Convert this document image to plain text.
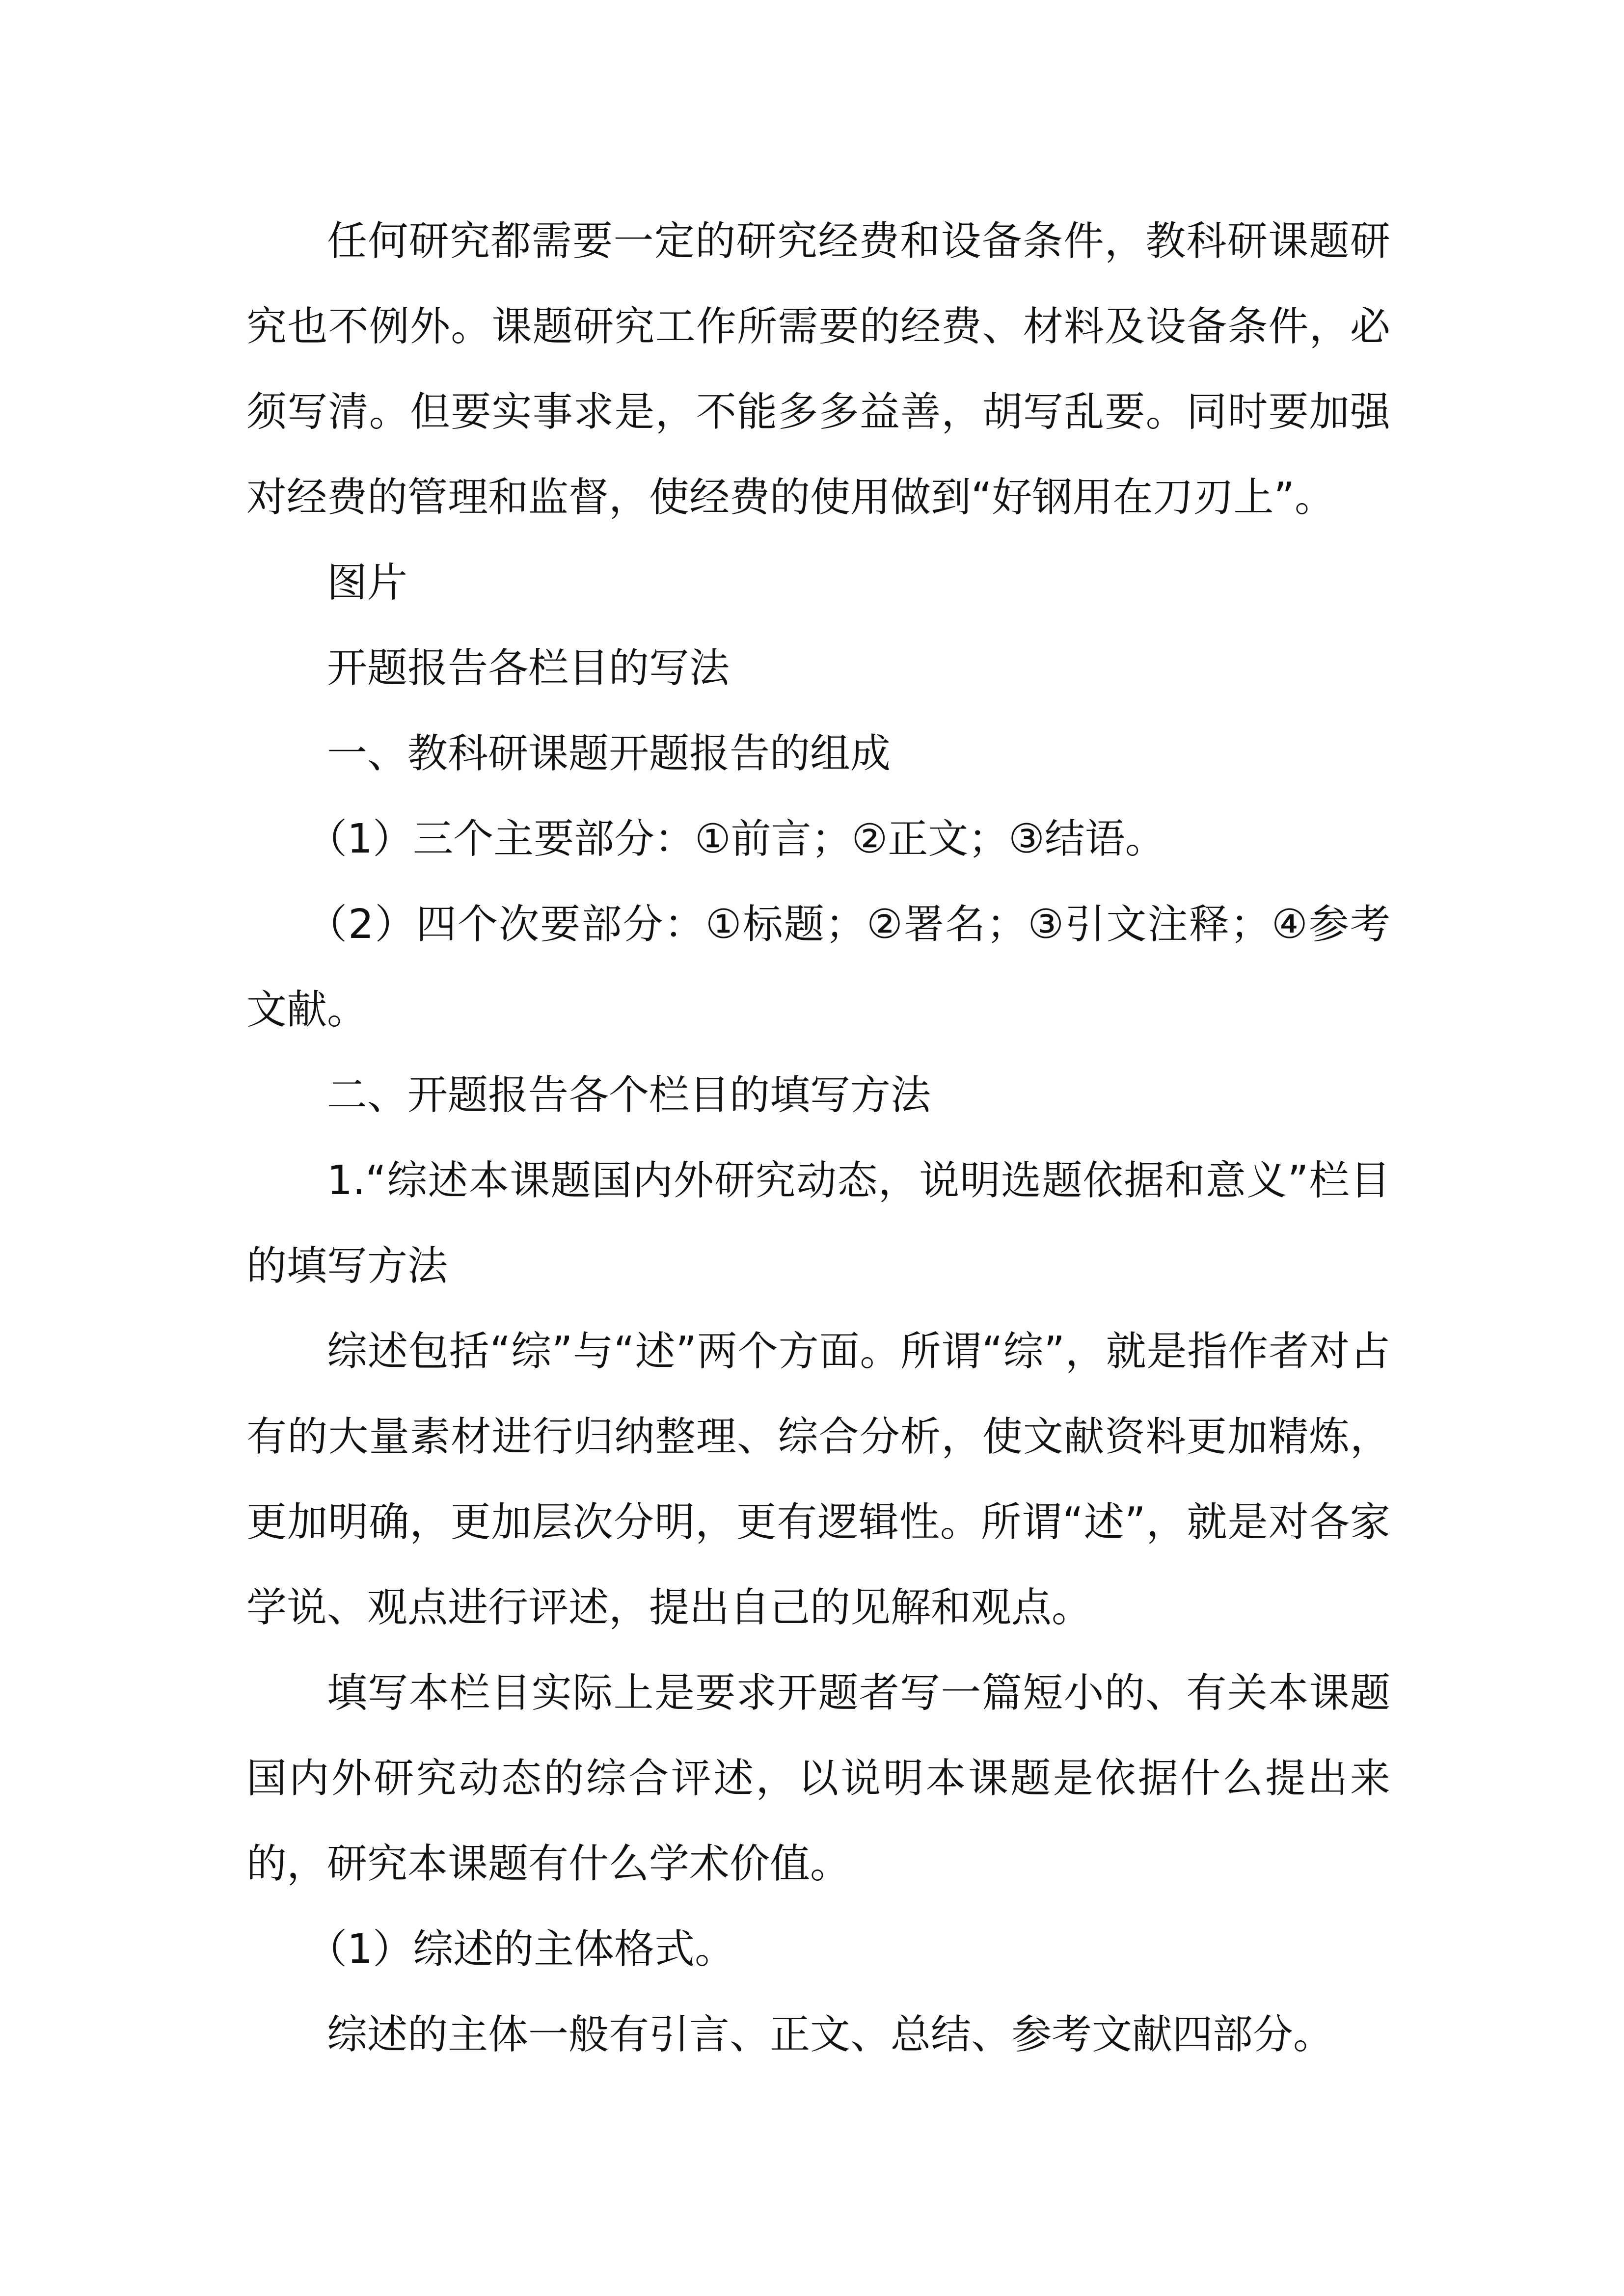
任何研究都需要一定的研究经费和设备条件，教科研课题研究也不例外。课题研究工作所需要的经费、材料及设备条件，必须写清。但要实事求是，不能多多益善，胡写乱要。同时要加强对经费的管理和监督，使经费的使用做到“好钢用在刀刃上”。

图片

开题报告各栏目的写法

一、教科研课题开题报告的组成

（1）三个主要部分：①前言；②正文；③结语。

（2）四个次要部分：①标题；②署名；③引文注释；④参考文献。

二、开题报告各个栏目的填写方法

1.“综述本课题国内外研究动态，说明选题依据和意义”栏目的填写方法

综述包括“综”与“述”两个方面。所谓“综”，就是指作者对占有的大量素材进行归纳整理、综合分析，使文献资料更加精炼，更加明确，更加层次分明，更有逻辑性。所谓“述”，就是对各家学说、观点进行评述，提出自己的见解和观点。

填写本栏目实际上是要求开题者写一篇短小的、有关本课题国内外研究动态的综合评述，以说明本课题是依据什么提出来的，研究本课题有什么学术价值。

（1）综述的主体格式。

综述的主体一般有引言、正文、总结、参考文献四部分。
